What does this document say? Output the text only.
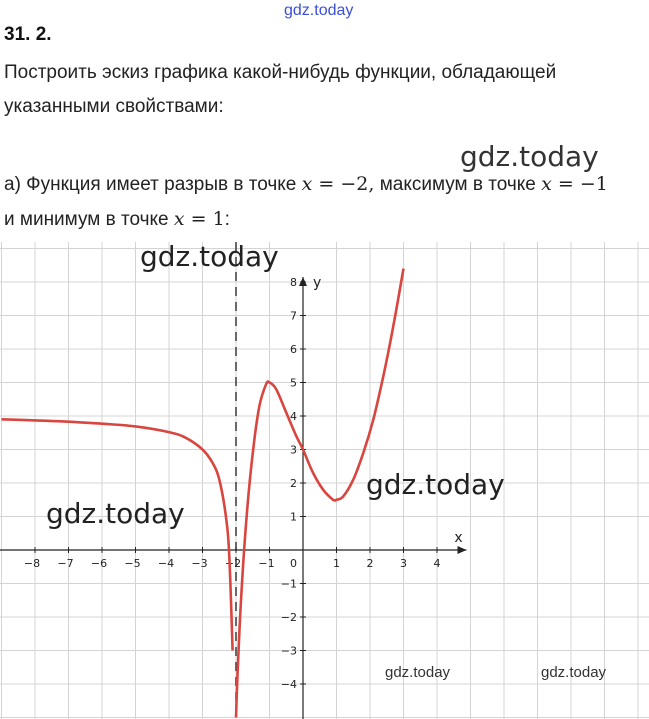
gdz.today
31. 2.
Построить эскиз графика какой-нибудь функции, обладающей
указанными свойствами:
gdz.today
а) Функция имеет разрыв в точке x = −2, максимум в точке x = −1
и минимум в точке x = 1:
−8 −7 −6 −5 −4 −3 −2 −1	1 2 3 4
−4
−3
−2
−1
1
2
3
4
5
6
7
8
0
x
y
gdz.today
gdz.today
gdz.today
gdz.today	gdz.today
